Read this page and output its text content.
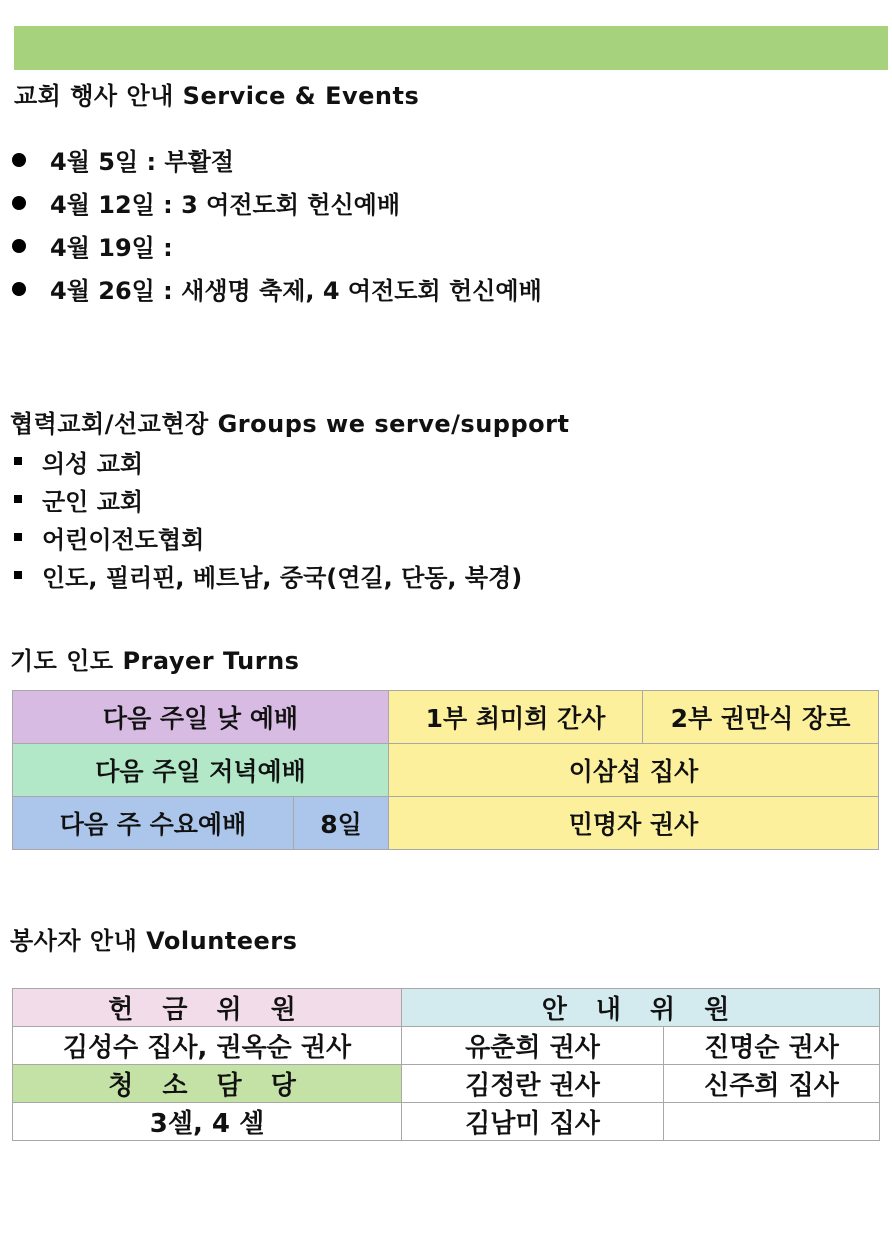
교회 행사 안내 Service & Events
4월 5일 : 부활절
4월 12일 : 3 여전도회 헌신예배
4월 19일 :
4월 26일 : 새생명 축제, 4 여전도회 헌신예배
협력교회/선교현장 Groups we serve/support
의성 교회
군인 교회
어린이전도협회
인도, 필리핀, 베트남, 중국(연길, 단동, 북경)
기도 인도 Prayer Turns
다음 주일 낮 예배		1부 최미희 간사	2부 권만식 장로
다음 주일 저녁예배		이삼섭 집사	
다음 주 수요예배	8일	민명자 권사	
봉사자 안내 Volunteers
헌 금 위 원	안 내 위 원	
김성수 집사, 권옥순 권사	유춘희 권사	진명순 권사
청 소 담 당	김정란 권사	신주희 집사
3셀, 4 셀	김남미 집사	
